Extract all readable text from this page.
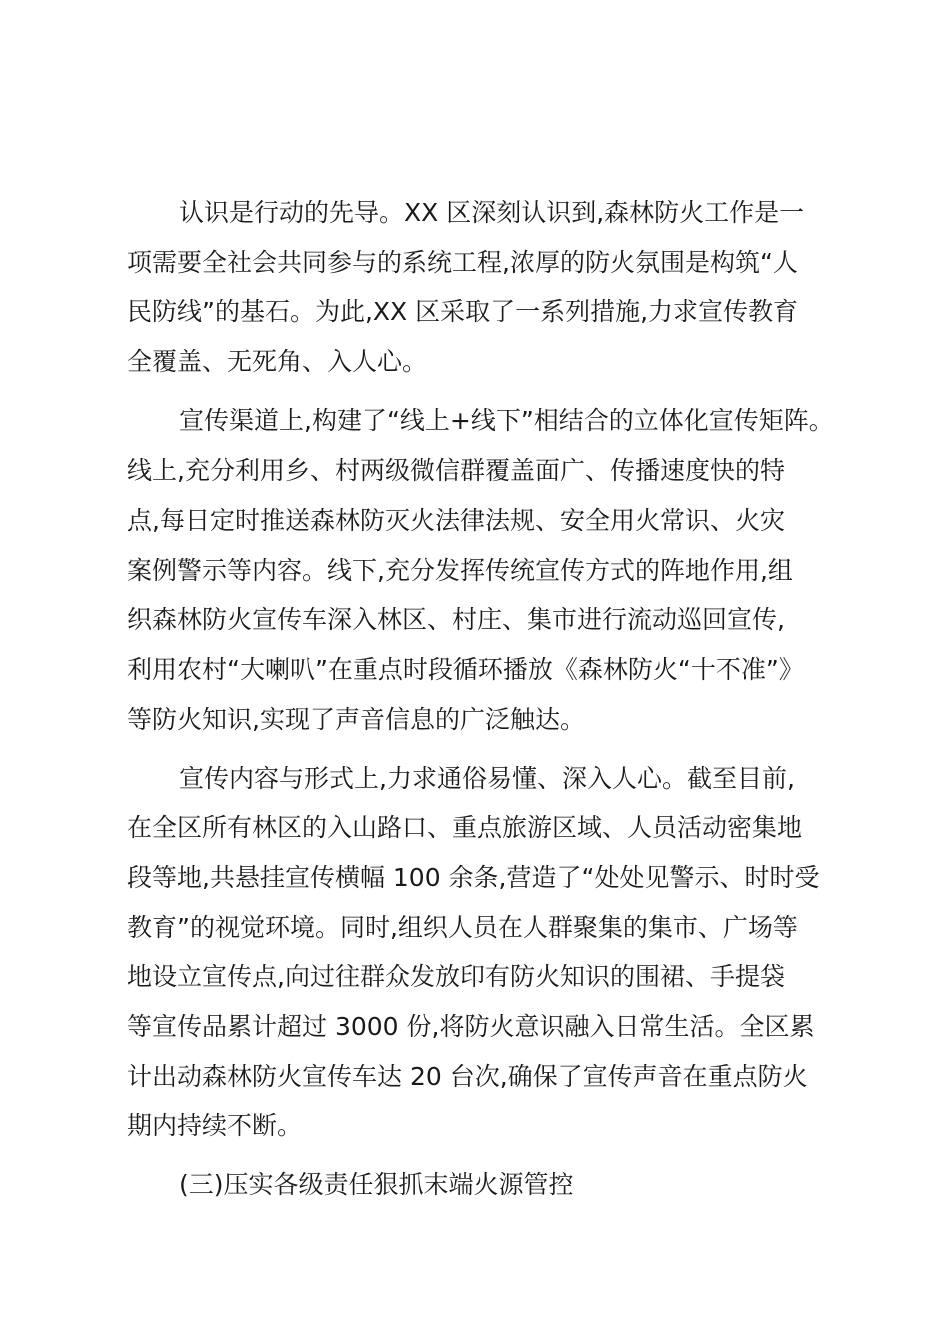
认识是行动的先导。XX 区深刻认识到,森林防火工作是一
项需要全社会共同参与的系统工程,浓厚的防火氛围是构筑“人
民防线”的基石。为此,XX 区采取了一系列措施,力求宣传教育
全覆盖、无死角、入人心。
宣传渠道上,构建了“线上+线下”相结合的立体化宣传矩阵。
线上,充分利用乡、村两级微信群覆盖面广、传播速度快的特
点,每日定时推送森林防灭火法律法规、安全用火常识、火灾
案例警示等内容。线下,充分发挥传统宣传方式的阵地作用,组
织森林防火宣传车深入林区、村庄、集市进行流动巡回宣传,
利用农村“大喇叭”在重点时段循环播放《森林防火“十不准”》
等防火知识,实现了声音信息的广泛触达。
宣传内容与形式上,力求通俗易懂、深入人心。截至目前,
在全区所有林区的入山路口、重点旅游区域、人员活动密集地
段等地,共悬挂宣传横幅 100 余条,营造了“处处见警示、时时受
教育”的视觉环境。同时,组织人员在人群聚集的集市、广场等
地设立宣传点,向过往群众发放印有防火知识的围裙、手提袋
等宣传品累计超过 3000 份,将防火意识融入日常生活。全区累
计出动森林防火宣传车达 20 台次,确保了宣传声音在重点防火
期内持续不断。
(三)压实各级责任狠抓末端火源管控
